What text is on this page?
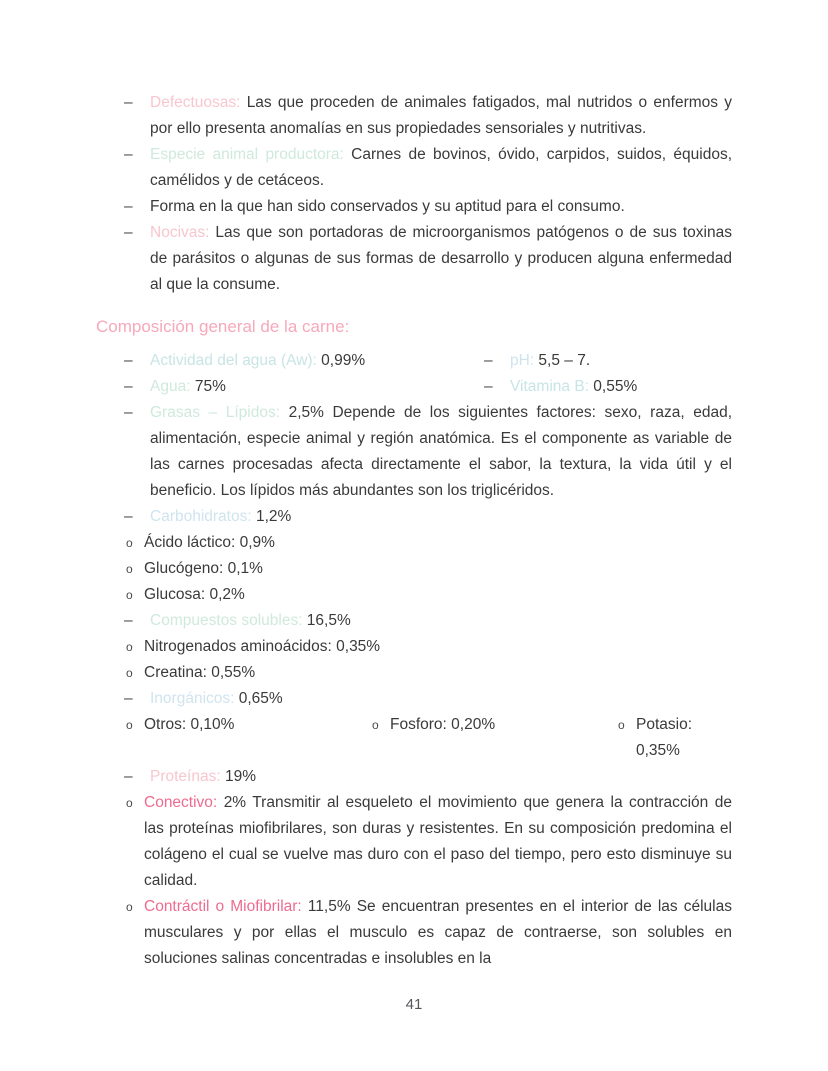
– Defectuosas: Las que proceden de animales fatigados, mal nutridos o enfermos y por ello presenta anomalías en sus propiedades sensoriales y nutritivas.
– Especie animal productora: Carnes de bovinos, óvido, carpidos, suidos, équidos, camélidos y de cetáceos.
– Forma en la que han sido conservados y su aptitud para el consumo.
– Nocivas: Las que son portadoras de microorganismos patógenos o de sus toxinas de parásitos o algunas de sus formas de desarrollo y producen alguna enfermedad al que la consume.
Composición general de la carne:
– Actividad del agua (Aw): 0,99%	– pH: 5,5 – 7.
– Agua: 75%	– Vitamina B: 0,55%
– Grasas – Lípidos: 2,5% Depende de los siguientes factores: sexo, raza, edad, alimentación, especie animal y región anatómica. Es el componente as variable de las carnes procesadas afecta directamente el sabor, la textura, la vida útil y el beneficio. Los lípidos más abundantes son los triglicéridos.
– Carbohidratos: 1,2%
o Ácido láctico: 0,9%
o Glucógeno: 0,1%
o Glucosa: 0,2%
– Compuestos solubles: 16,5%
o Nitrogenados aminoácidos: 0,35%
o Creatina: 0,55%
– Inorgánicos: 0,65%
o Otros: 0,10%	o Fosforo: 0,20%	o Potasio: 0,35%
– Proteínas: 19%
o Conectivo: 2% Transmitir al esqueleto el movimiento que genera la contracción de las proteínas miofibrilares, son duras y resistentes. En su composición predomina el colágeno el cual se vuelve mas duro con el paso del tiempo, pero esto disminuye su calidad.
o Contráctil o Miofibrilar: 11,5% Se encuentran presentes en el interior de las células musculares y por ellas el musculo es capaz de contraerse, son solubles en soluciones salinas concentradas e insolubles en la
41
